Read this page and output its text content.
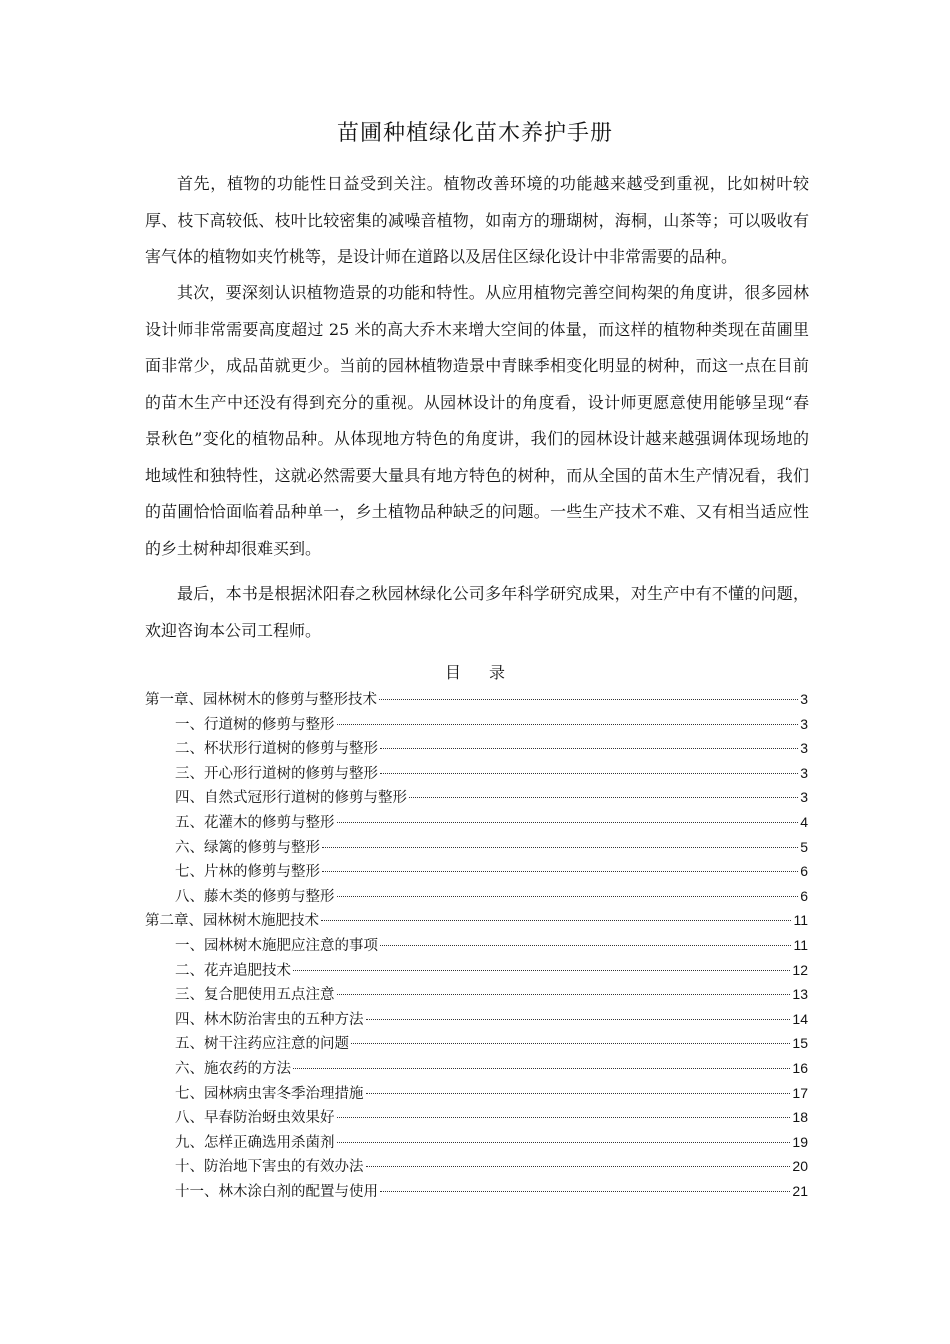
苗圃种植绿化苗木养护手册

首先，植物的功能性日益受到关注。植物改善环境的功能越来越受到重视，比如树叶较厚、枝下高较低、枝叶比较密集的减噪音植物，如南方的珊瑚树，海桐，山茶等；可以吸收有害气体的植物如夹竹桃等，是设计师在道路以及居住区绿化设计中非常需要的品种。

其次，要深刻认识植物造景的功能和特性。从应用植物完善空间构架的角度讲，很多园林设计师非常需要高度超过 25 米的高大乔木来增大空间的体量，而这样的植物种类现在苗圃里面非常少，成品苗就更少。当前的园林植物造景中青睐季相变化明显的树种，而这一点在目前的苗木生产中还没有得到充分的重视。从园林设计的角度看，设计师更愿意使用能够呈现“春景秋色”变化的植物品种。从体现地方特色的角度讲，我们的园林设计越来越强调体现场地的地域性和独特性，这就必然需要大量具有地方特色的树种，而从全国的苗木生产情况看，我们的苗圃恰恰面临着品种单一，乡土植物品种缺乏的问题。一些生产技术不难、又有相当适应性的乡土树种却很难买到。

最后，本书是根据沭阳春之秋园林绿化公司多年科学研究成果，对生产中有不懂的问题，欢迎咨询本公司工程师。

目 录
第一章、园林树木的修剪与整形技术	3
一、行道树的修剪与整形	3
二、杯状形行道树的修剪与整形	3
三、开心形行道树的修剪与整形	3
四、自然式冠形行道树的修剪与整形	3
五、花灌木的修剪与整形	4
六、绿篱的修剪与整形	5
七、片林的修剪与整形	6
八、藤木类的修剪与整形	6
第二章、园林树木施肥技术	11
一、园林树木施肥应注意的事项	11
二、花卉追肥技术	12
三、复合肥使用五点注意	13
四、林木防治害虫的五种方法	14
五、树干注药应注意的问题	15
六、施农药的方法	16
七、园林病虫害冬季治理措施	17
八、早春防治蚜虫效果好	18
九、怎样正确选用杀菌剂	19
十、防治地下害虫的有效办法	20
十一、林木涂白剂的配置与使用	21
